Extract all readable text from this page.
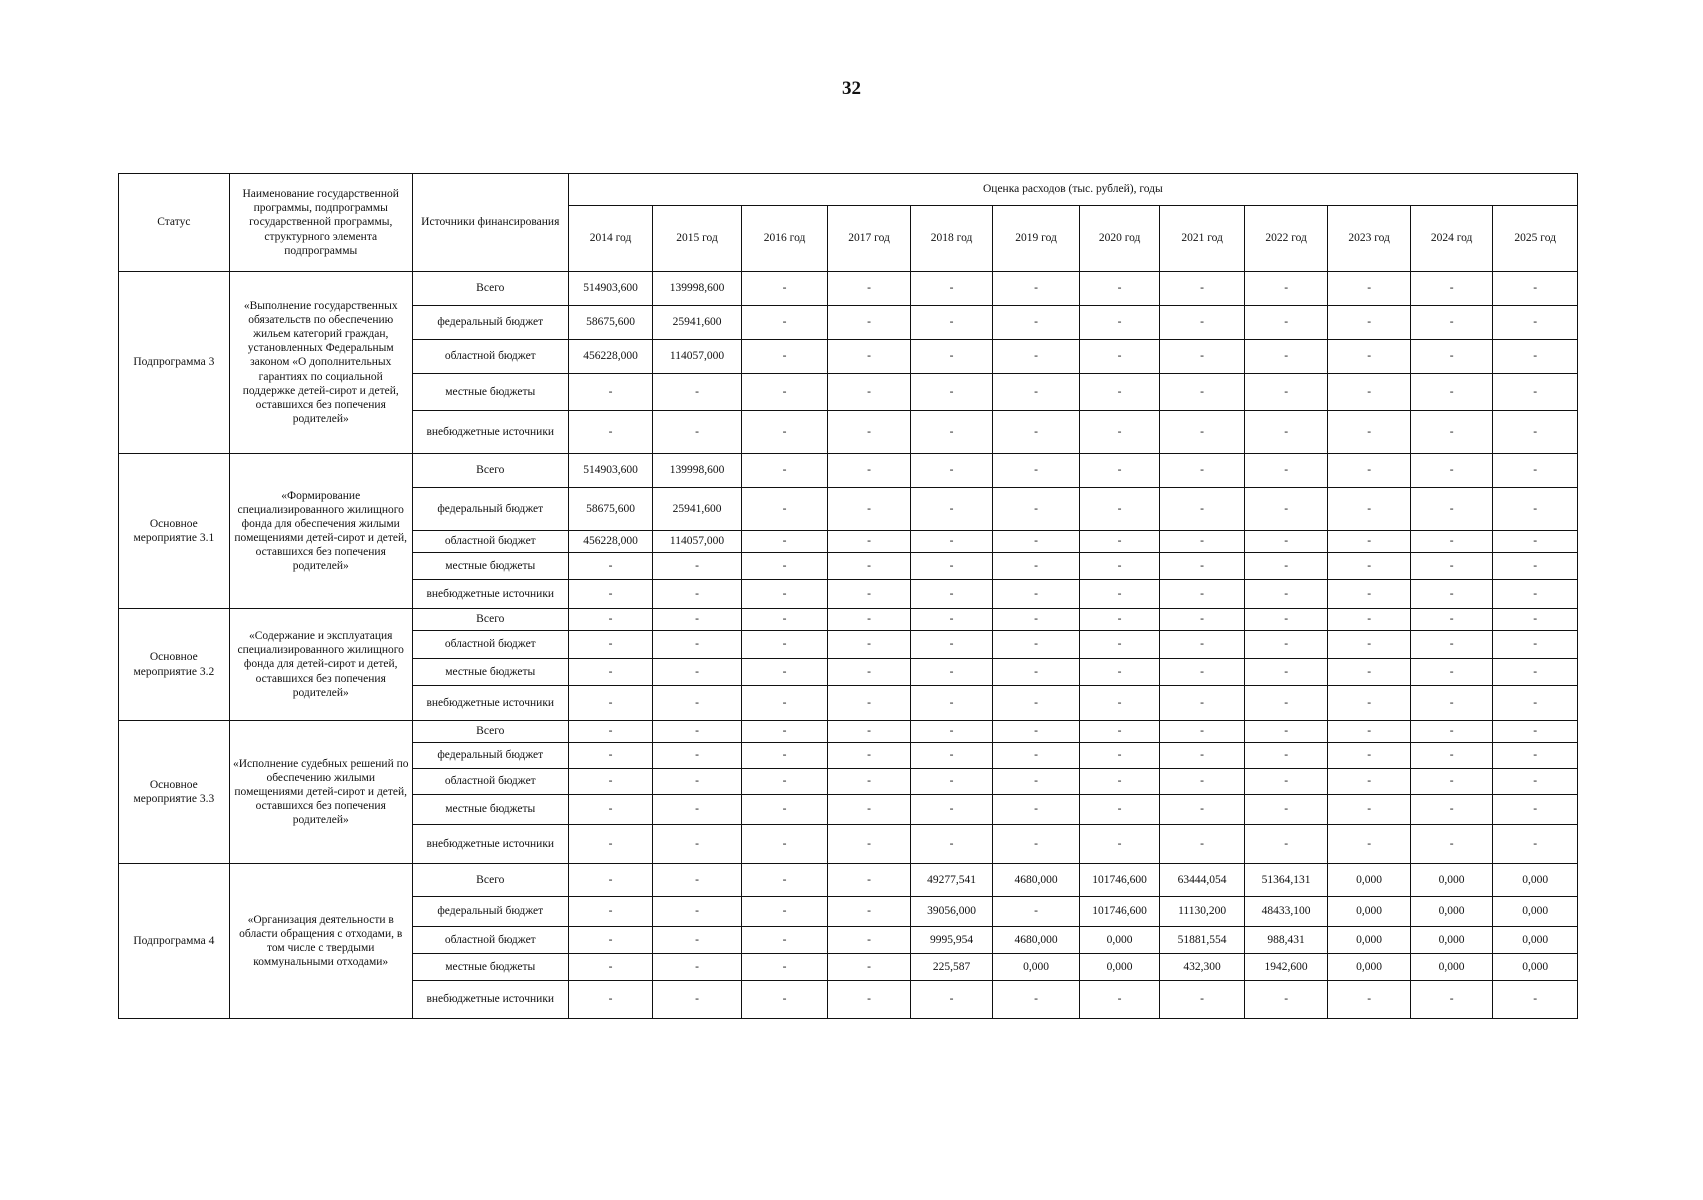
32
Статус	Наименование государственной программы, подпрограммы государственной программы, структурного элемента подпрограммы	Источники финансирования	Оценка расходов (тыс. рублей), годы											
			2014 год	2015 год	2016 год	2017 год	2018 год	2019 год	2020 год	2021 год	2022 год	2023 год	2024 год	2025 год
Подпрограмма 3	«Выполнение государственных обязательств по обеспечению жильем категорий граждан, установленных Федеральным законом «О дополнительных гарантиях по социальной поддержке детей-сирот и детей, оставшихся без попечения родителей»	Всего	514903,600	139998,600	-	-	-	-	-	-	-	-	-	-
		федеральный бюджет	58675,600	25941,600	-	-	-	-	-	-	-	-	-	-
		областной бюджет	456228,000	114057,000	-	-	-	-	-	-	-	-	-	-
		местные бюджеты	-	-	-	-	-	-	-	-	-	-	-	-
		внебюджетные источники	-	-	-	-	-	-	-	-	-	-	-	-
Основное мероприятие 3.1	«Формирование специализированного жилищного фонда для обеспечения жилыми помещениями детей-сирот и детей, оставшихся без попечения родителей»	Всего	514903,600	139998,600	-	-	-	-	-	-	-	-	-	-
		федеральный бюджет	58675,600	25941,600	-	-	-	-	-	-	-	-	-	-
		областной бюджет	456228,000	114057,000	-	-	-	-	-	-	-	-	-	-
		местные бюджеты	-	-	-	-	-	-	-	-	-	-	-	-
		внебюджетные источники	-	-	-	-	-	-	-	-	-	-	-	-
Основное мероприятие 3.2	«Содержание и эксплуатация специализированного жилищного фонда для детей-сирот и детей, оставшихся без попечения родителей»	Всего	-	-	-	-	-	-	-	-	-	-	-	-
		областной бюджет	-	-	-	-	-	-	-	-	-	-	-	-
		местные бюджеты	-	-	-	-	-	-	-	-	-	-	-	-
		внебюджетные источники	-	-	-	-	-	-	-	-	-	-	-	-
Основное мероприятие 3.3	«Исполнение судебных решений по обеспечению жилыми помещениями детей-сирот и детей, оставшихся без попечения родителей»	Всего	-	-	-	-	-	-	-	-	-	-	-	-
		федеральный бюджет	-	-	-	-	-	-	-	-	-	-	-	-
		областной бюджет	-	-	-	-	-	-	-	-	-	-	-	-
		местные бюджеты	-	-	-	-	-	-	-	-	-	-	-	-
		внебюджетные источники	-	-	-	-	-	-	-	-	-	-	-	-
Подпрограмма 4	«Организация деятельности в области обращения с отходами, в том числе с твердыми коммунальными отходами»	Всего	-	-	-	-	49277,541	4680,000	101746,600	63444,054	51364,131	0,000	0,000	0,000
		федеральный бюджет	-	-	-	-	39056,000	-	101746,600	11130,200	48433,100	0,000	0,000	0,000
		областной бюджет	-	-	-	-	9995,954	4680,000	0,000	51881,554	988,431	0,000	0,000	0,000
		местные бюджеты	-	-	-	-	225,587	0,000	0,000	432,300	1942,600	0,000	0,000	0,000
		внебюджетные источники	-	-	-	-	-	-	-	-	-	-	-	-
